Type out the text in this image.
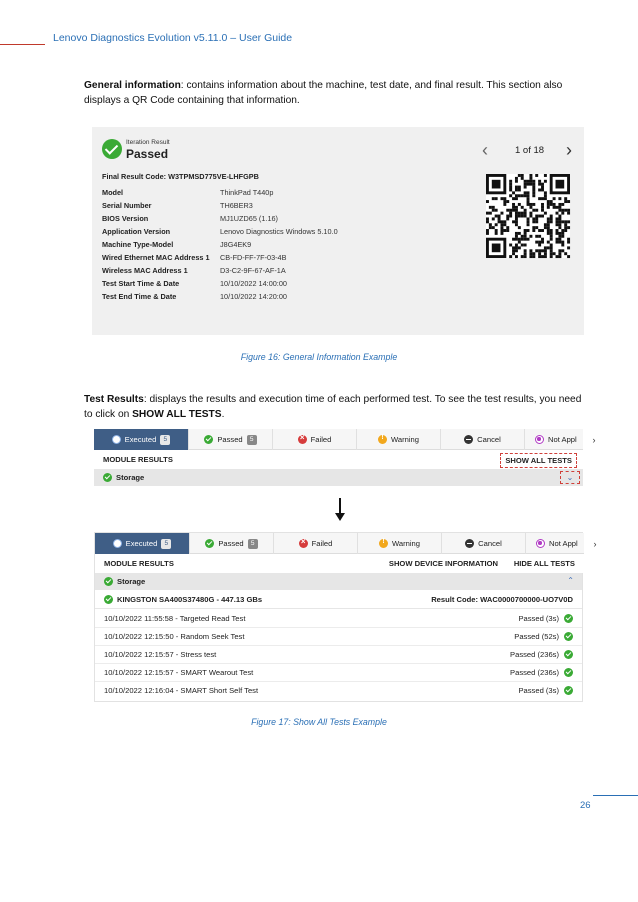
Lenovo Diagnostics Evolution v5.11.0 – User Guide

General information: contains information about the machine, test date, and final result. This section also displays a QR Code containing that information.

Iteration Result
Passed	‹	1 of 18 ›
Final Result Code: W3TPMSD775VE-LHFGPB
Model	ThinkPad T440p
Serial Number	TH6BER3
BIOS Version	MJ1UZD65 (1.16)
Application Version	Lenovo Diagnostics Windows 5.10.0
Machine Type-Model	J8G4EK9
Wired Ethernet MAC Address 1 CB-FD-FF-7F-03-4B
Wireless MAC Address 1	D3-C2-9F-67-AF-1A
Test Start Time & Date	10/10/2022 14:00:00
Test End Time & Date	10/10/2022 14:20:00
Figure 16: General Information Example

Test Results: displays the results and execution time of each performed test. To see the test results, you need to click on SHOW ALL TESTS.

Executed	5	Passed	5 ×	Failed !	Warning	Cancel	Not Appl	›
MODULE RESULTS	SHOW ALL TESTS
Storage	⌄
Executed	5	Passed	5 ×	Failed !	Warning	Cancel	Not Appl	›
MODULE RESULTS	SHOW DEVICE INFORMATION HIDE ALL TESTS
Storage	⌃
KINGSTON SA400S37480G - 447.13 GBs	Result Code: WAC0000700000-UO7V0D
10/10/2022 11:55:58 - Targeted Read Test	Passed (3s)
10/10/2022 12:15:50 - Random Seek Test	Passed (52s)
10/10/2022 12:15:57 - Stress test	Passed (236s)
10/10/2022 12:15:57 - SMART Wearout Test	Passed (236s)
10/10/2022 12:16:04 - SMART Short Self Test	Passed (3s)
Figure 17: Show All Tests Example
26
